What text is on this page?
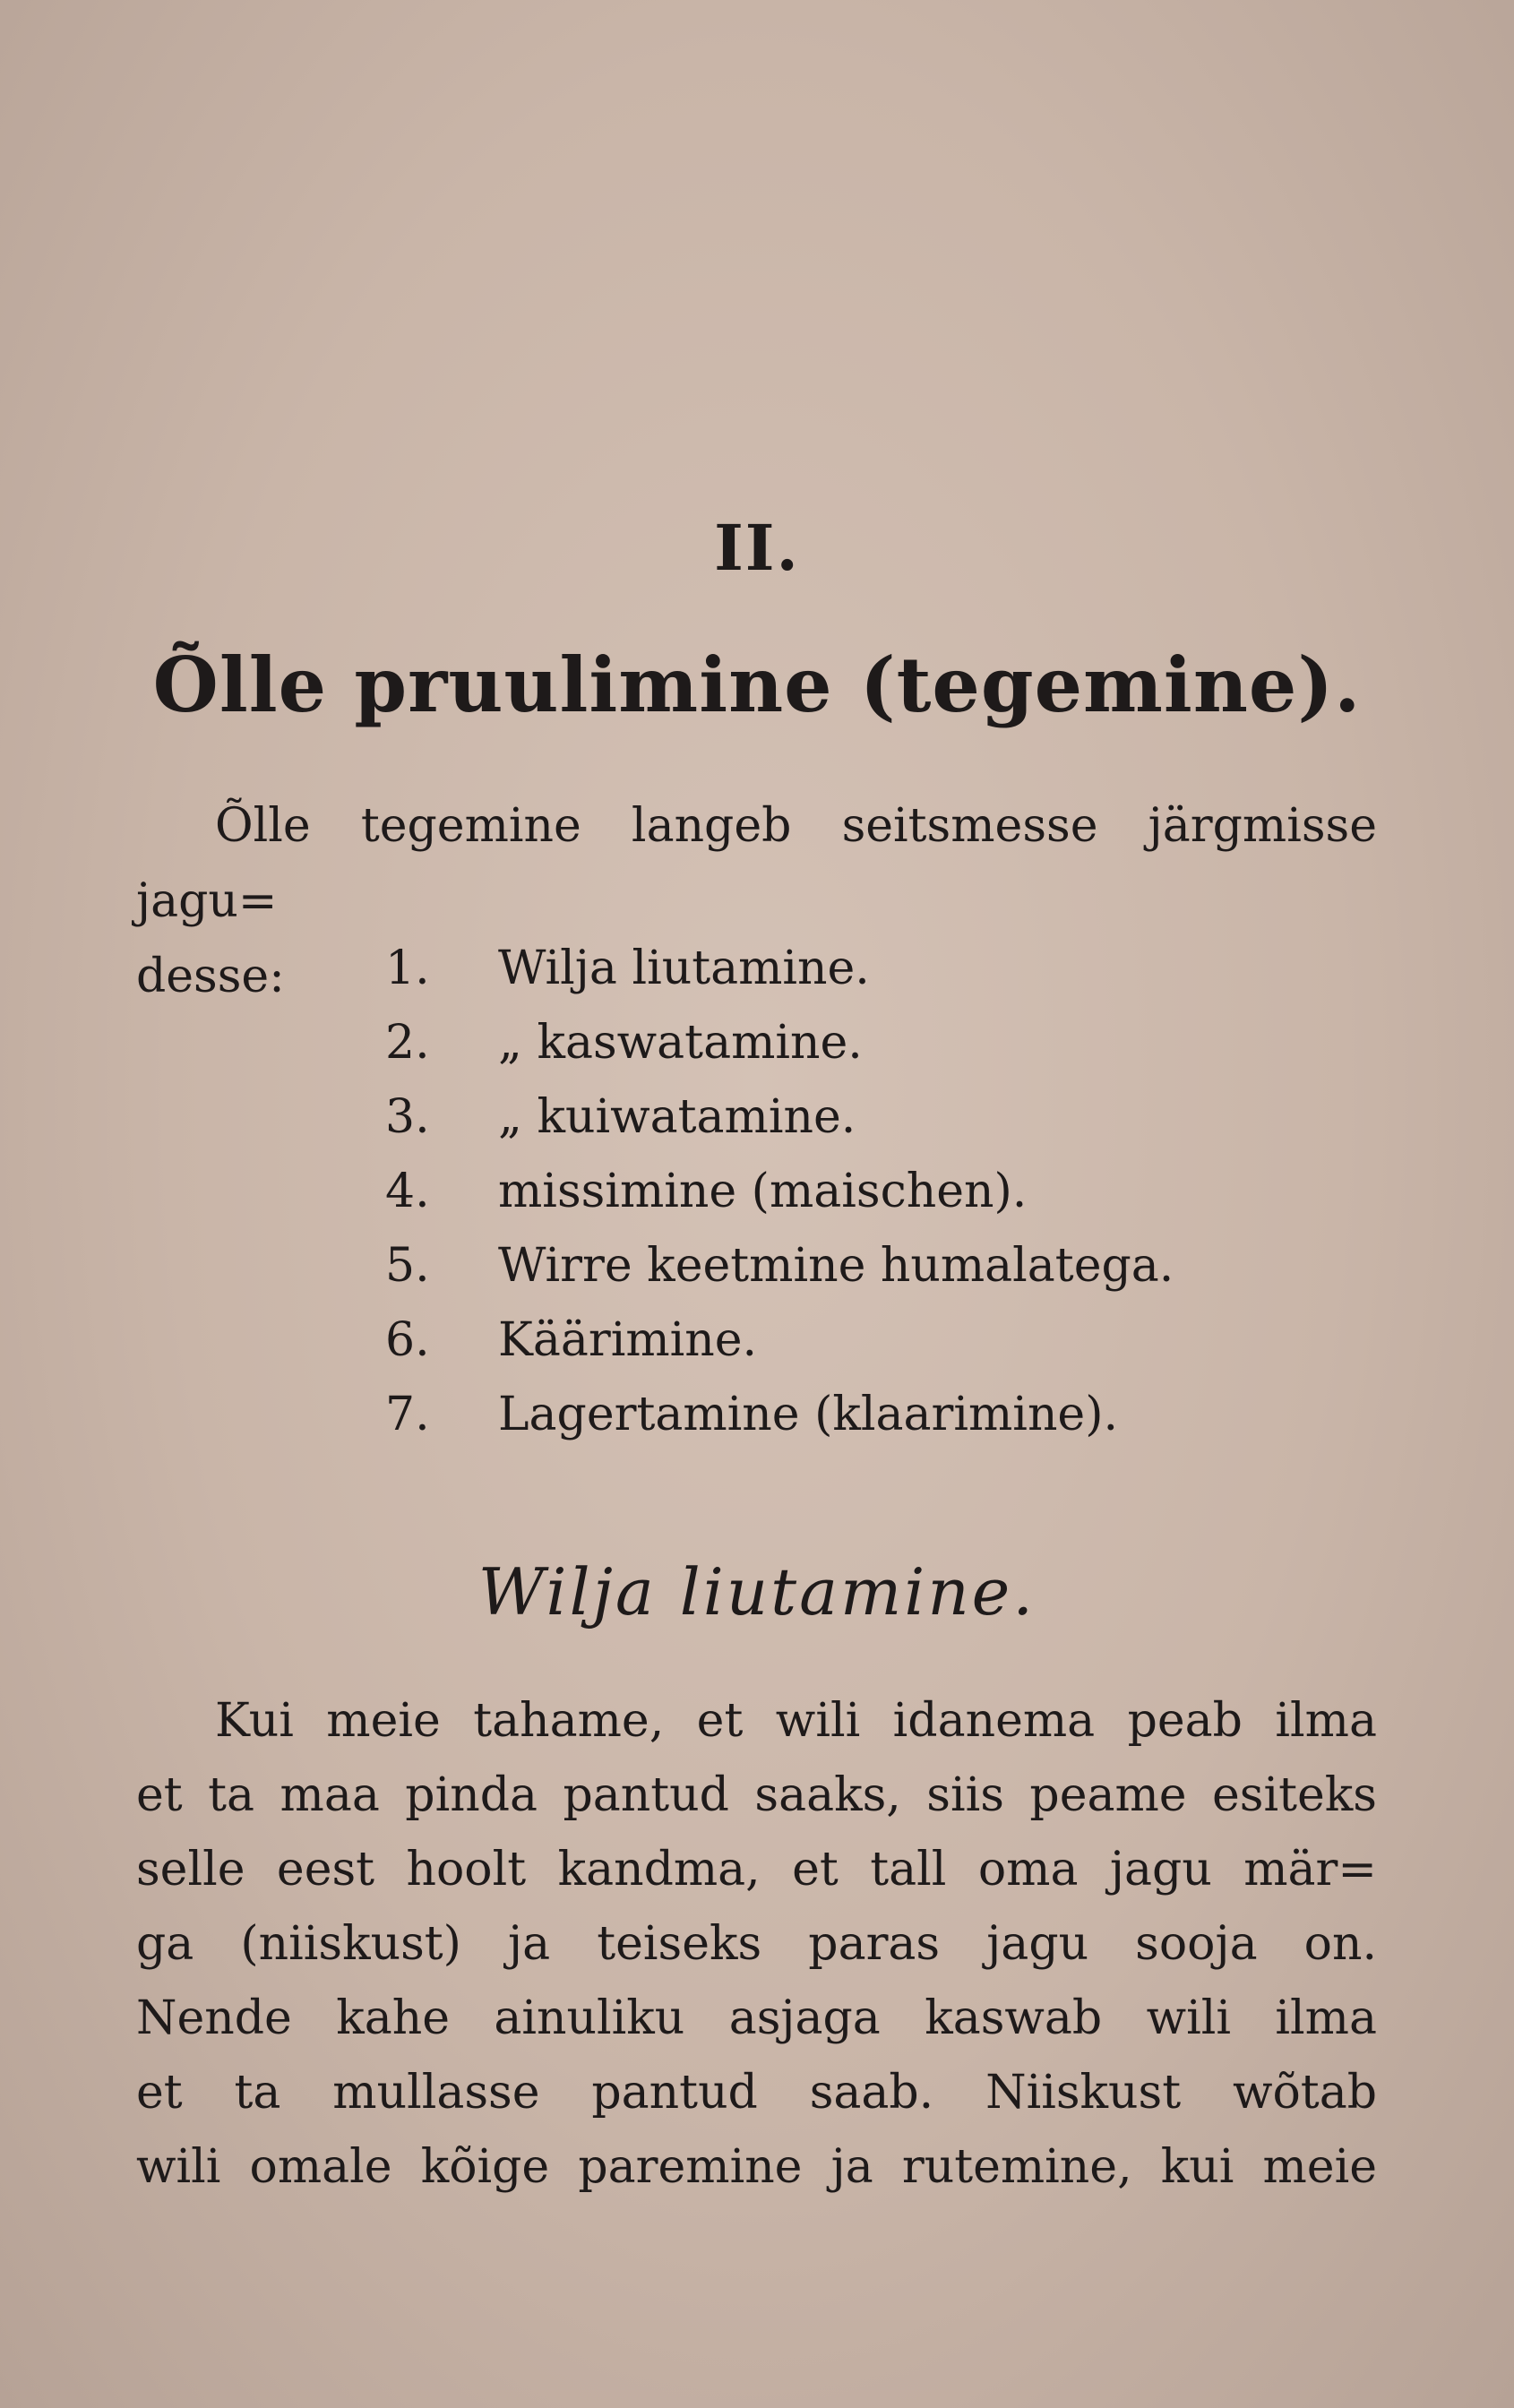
II.
Õlle pruulimine (tegemine).
Õlle tegemine langeb seitsmesse järgmisse jagu=
desse:	1. Wilja liutamine.
2. „ kaswatamine.
3. „ kuiwatamine.
4. missimine (maischen).
5. Wirre keetmine humalatega.
6. Käärimine.
7. Lagertamine (klaarimine).
Wilja liutamine.
Kui meie tahame, et wili idanema peab ilma
et ta maa pinda pantud saaks, siis peame esiteks
selle eest hoolt kandma, et tall oma jagu mär=
ga (niiskust) ja teiseks paras jagu sooja on.
Nende kahe ainuliku asjaga kaswab wili ilma
et ta mullasse pantud saab. Niiskust wõtab
wili omale kõige paremine ja rutemine, kui meie
